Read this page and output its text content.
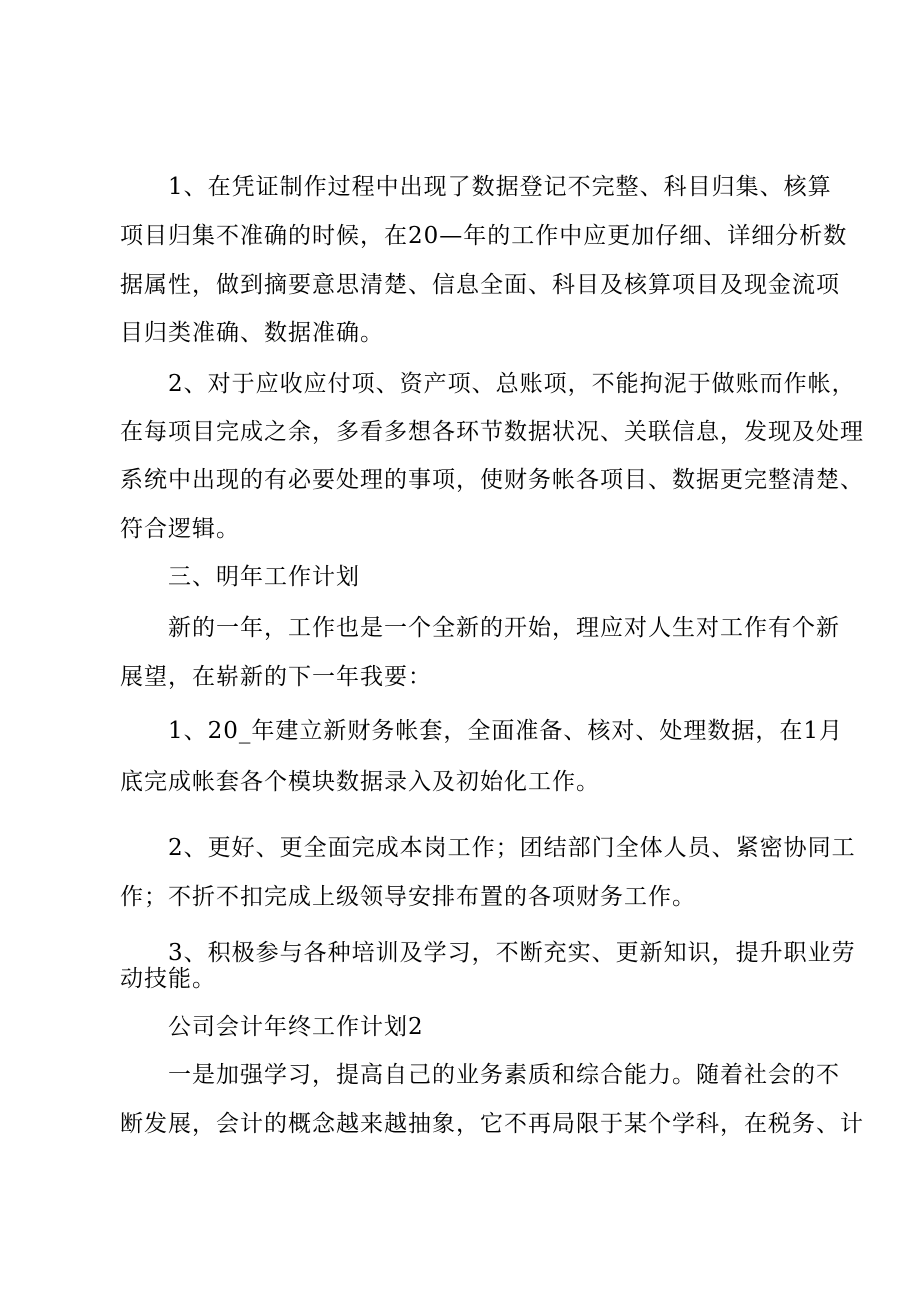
1、在凭证制作过程中出现了数据登记不完整、科目归集、核算

项目归集不准确的时候，在20—年的工作中应更加仔细、详细分析数

据属性，做到摘要意思清楚、信息全面、科目及核算项目及现金流项

目归类准确、数据准确。

2、对于应收应付项、资产项、总账项，不能拘泥于做账而作帐，

在每项目完成之余，多看多想各环节数据状况、关联信息，发现及处理

系统中出现的有必要处理的事项，使财务帐各项目、数据更完整清楚、

符合逻辑。

三、明年工作计划

新的一年，工作也是一个全新的开始，理应对人生对工作有个新

展望，在崭新的下一年我要：

1、20_年建立新财务帐套，全面准备、核对、处理数据，在1月

底完成帐套各个模块数据录入及初始化工作。

2、更好、更全面完成本岗工作；团结部门全体人员、紧密协同工

作；不折不扣完成上级领导安排布置的各项财务工作。

3、积极参与各种培训及学习，不断充实、更新知识，提升职业劳

动技能。

公司会计年终工作计划2

一是加强学习，提高自己的业务素质和综合能力。随着社会的不

断发展，会计的概念越来越抽象，它不再局限于某个学科，在税务、计
